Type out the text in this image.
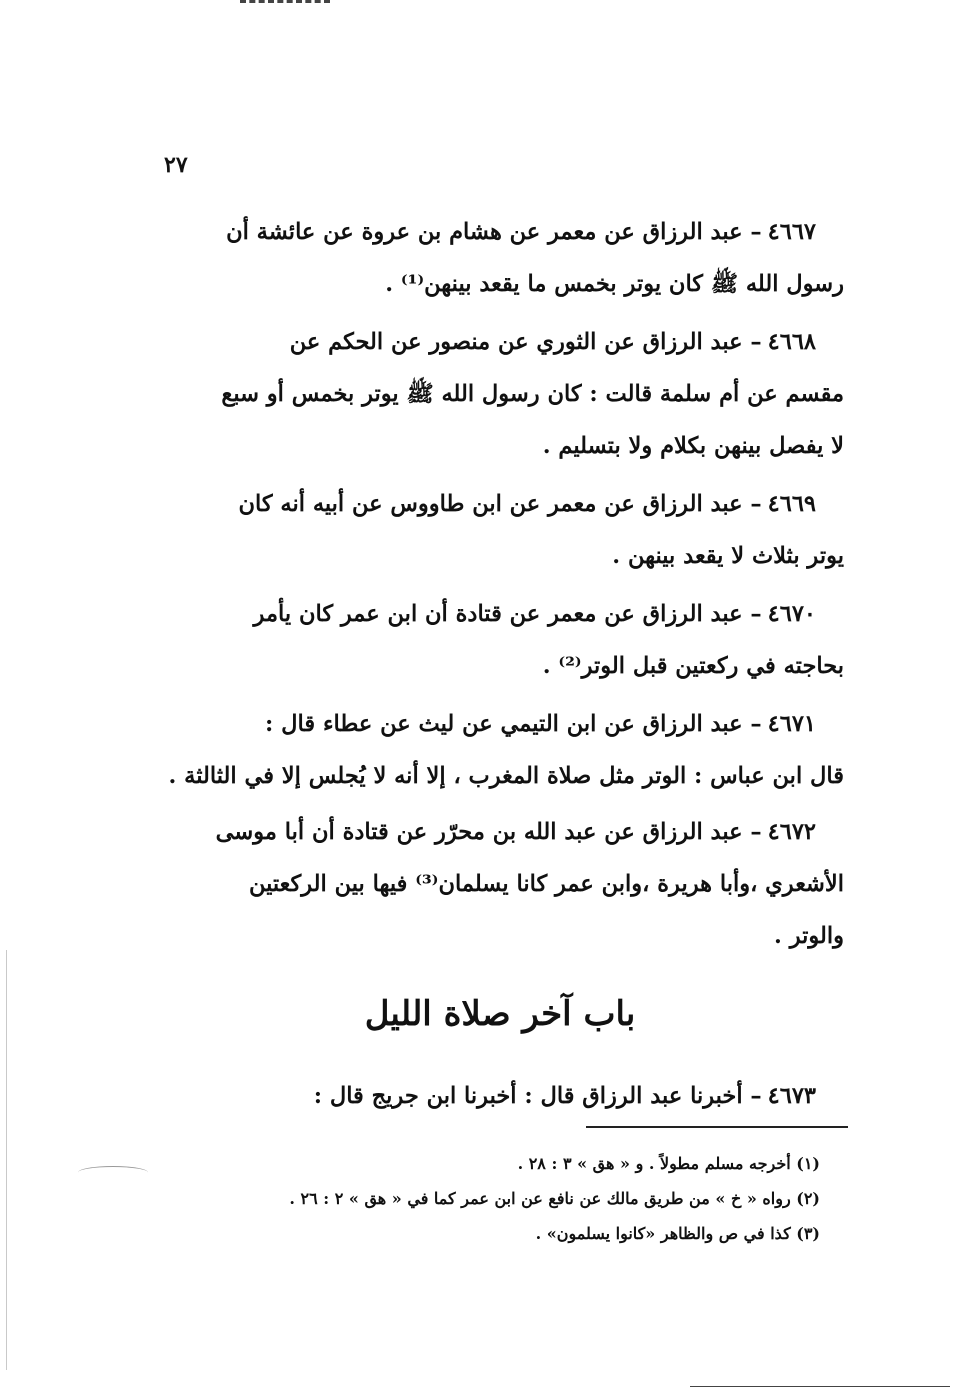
٢٧
٤٦٦٧– عبد الرزاق عن معمر عن هشام بن عروة عن عائشة أن
رسول الله ﷺ كان يوتر بخمس ما يقعد بينهن⁽¹⁾ .
٤٦٦٨– عبد الرزاق عن الثوري عن منصور عن الحكم عن
مقسم عن أم سلمة قالت : كان رسول الله ﷺ يوتر بخمس أو سبع
لا يفصل بينهن بكلام ولا بتسليم .
٤٦٦٩– عبد الرزاق عن معمر عن ابن طاووس عن أبيه أنه كان
يوتر بثلاث لا يقعد بينهن .
٤٦٧٠– عبد الرزاق عن معمر عن قتادة أن ابن عمر كان يأمر
بحاجته في ركعتين قبل الوتر⁽²⁾ .
٤٦٧١– عبد الرزاق عن ابن التيمي عن ليث عن عطاء قال :
قال ابن عباس : الوتر مثل صلاة المغرب ، إلا أنه لا يُجلس إلا في الثالثة .
٤٦٧٢– عبد الرزاق عن عبد الله بن محرّر عن قتادة أن أبا موسى
الأشعري ،وأبا هريرة ،وابن عمر كانا يسلمان⁽³⁾ فيها بين الركعتين
والوتر .
باب آخر صلاة الليل
٤٦٧٣– أخبرنا عبد الرزاق قال : أخبرنا ابن جريج قال :
(١) أخرجه مسلم مطولاً . و « هق » ٣ : ٢٨ .
(٢) رواه « خ » من طريق مالك عن نافع عن ابن عمر كما في « هق » ٢ : ٢٦ .
(٣) كذا في ص والظاهر «كانوا يسلمون» .
